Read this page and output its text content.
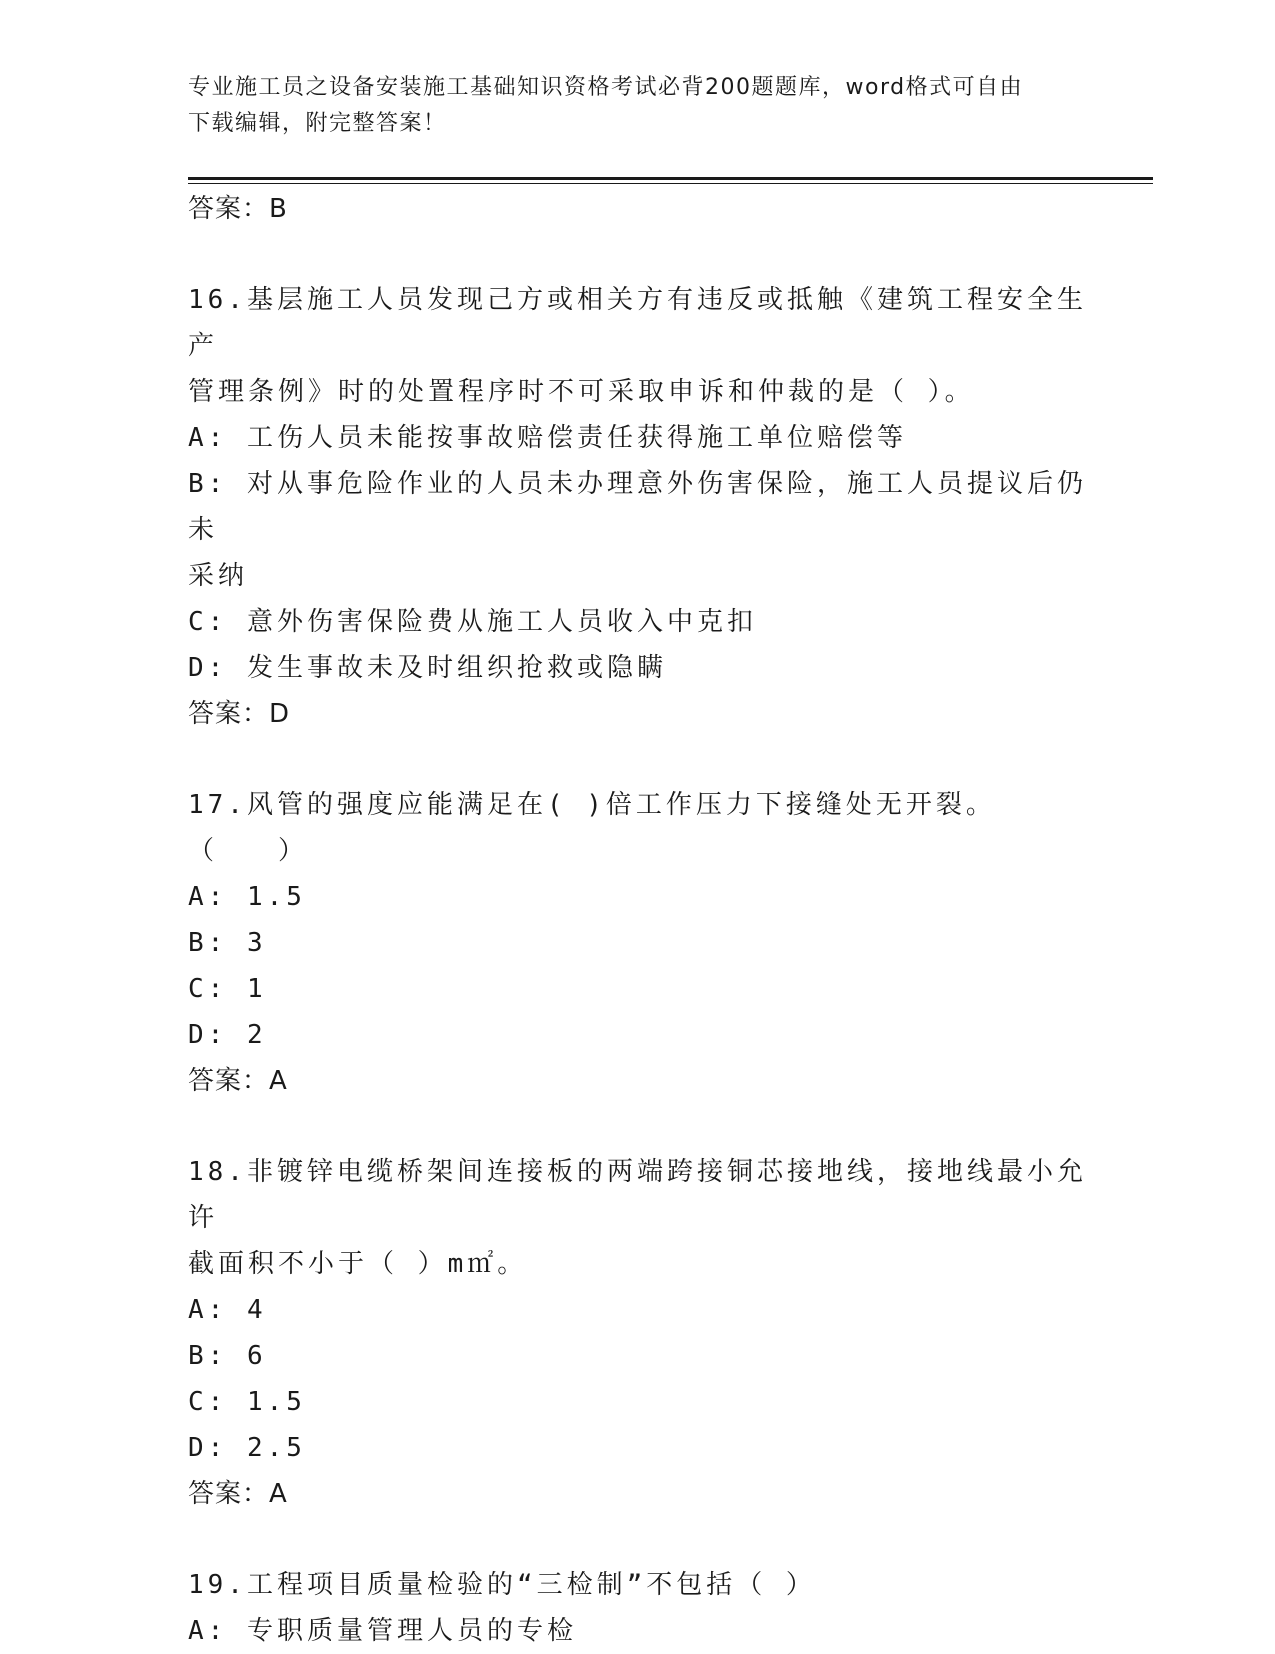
专业施工员之设备安装施工基础知识资格考试必背200题题库，word格式可自由
下载编辑，附完整答案！

答案：B

16.基层施工人员发现己方或相关方有违反或抵触《建筑工程安全生产

管理条例》时的处置程序时不可采取申诉和仲裁的是（ ）。

A: 工伤人员未能按事故赔偿责任获得施工单位赔偿等

B: 对从事危险作业的人员未办理意外伤害保险，施工人员提议后仍未

采纳

C: 意外伤害保险费从施工人员收入中克扣

D: 发生事故未及时组织抢救或隐瞒

答案：D

17.风管的强度应能满足在( )倍工作压力下接缝处无开裂。（　　）

A: 1.5

B: 3

C: 1

D: 2

答案：A

18.非镀锌电缆桥架间连接板的两端跨接铜芯接地线，接地线最小允许

截面积不小于（ ）m㎡。

A: 4

B: 6

C: 1.5

D: 2.5

答案：A

19.工程项目质量检验的“三检制”不包括（ ）

A: 专职质量管理人员的专检
